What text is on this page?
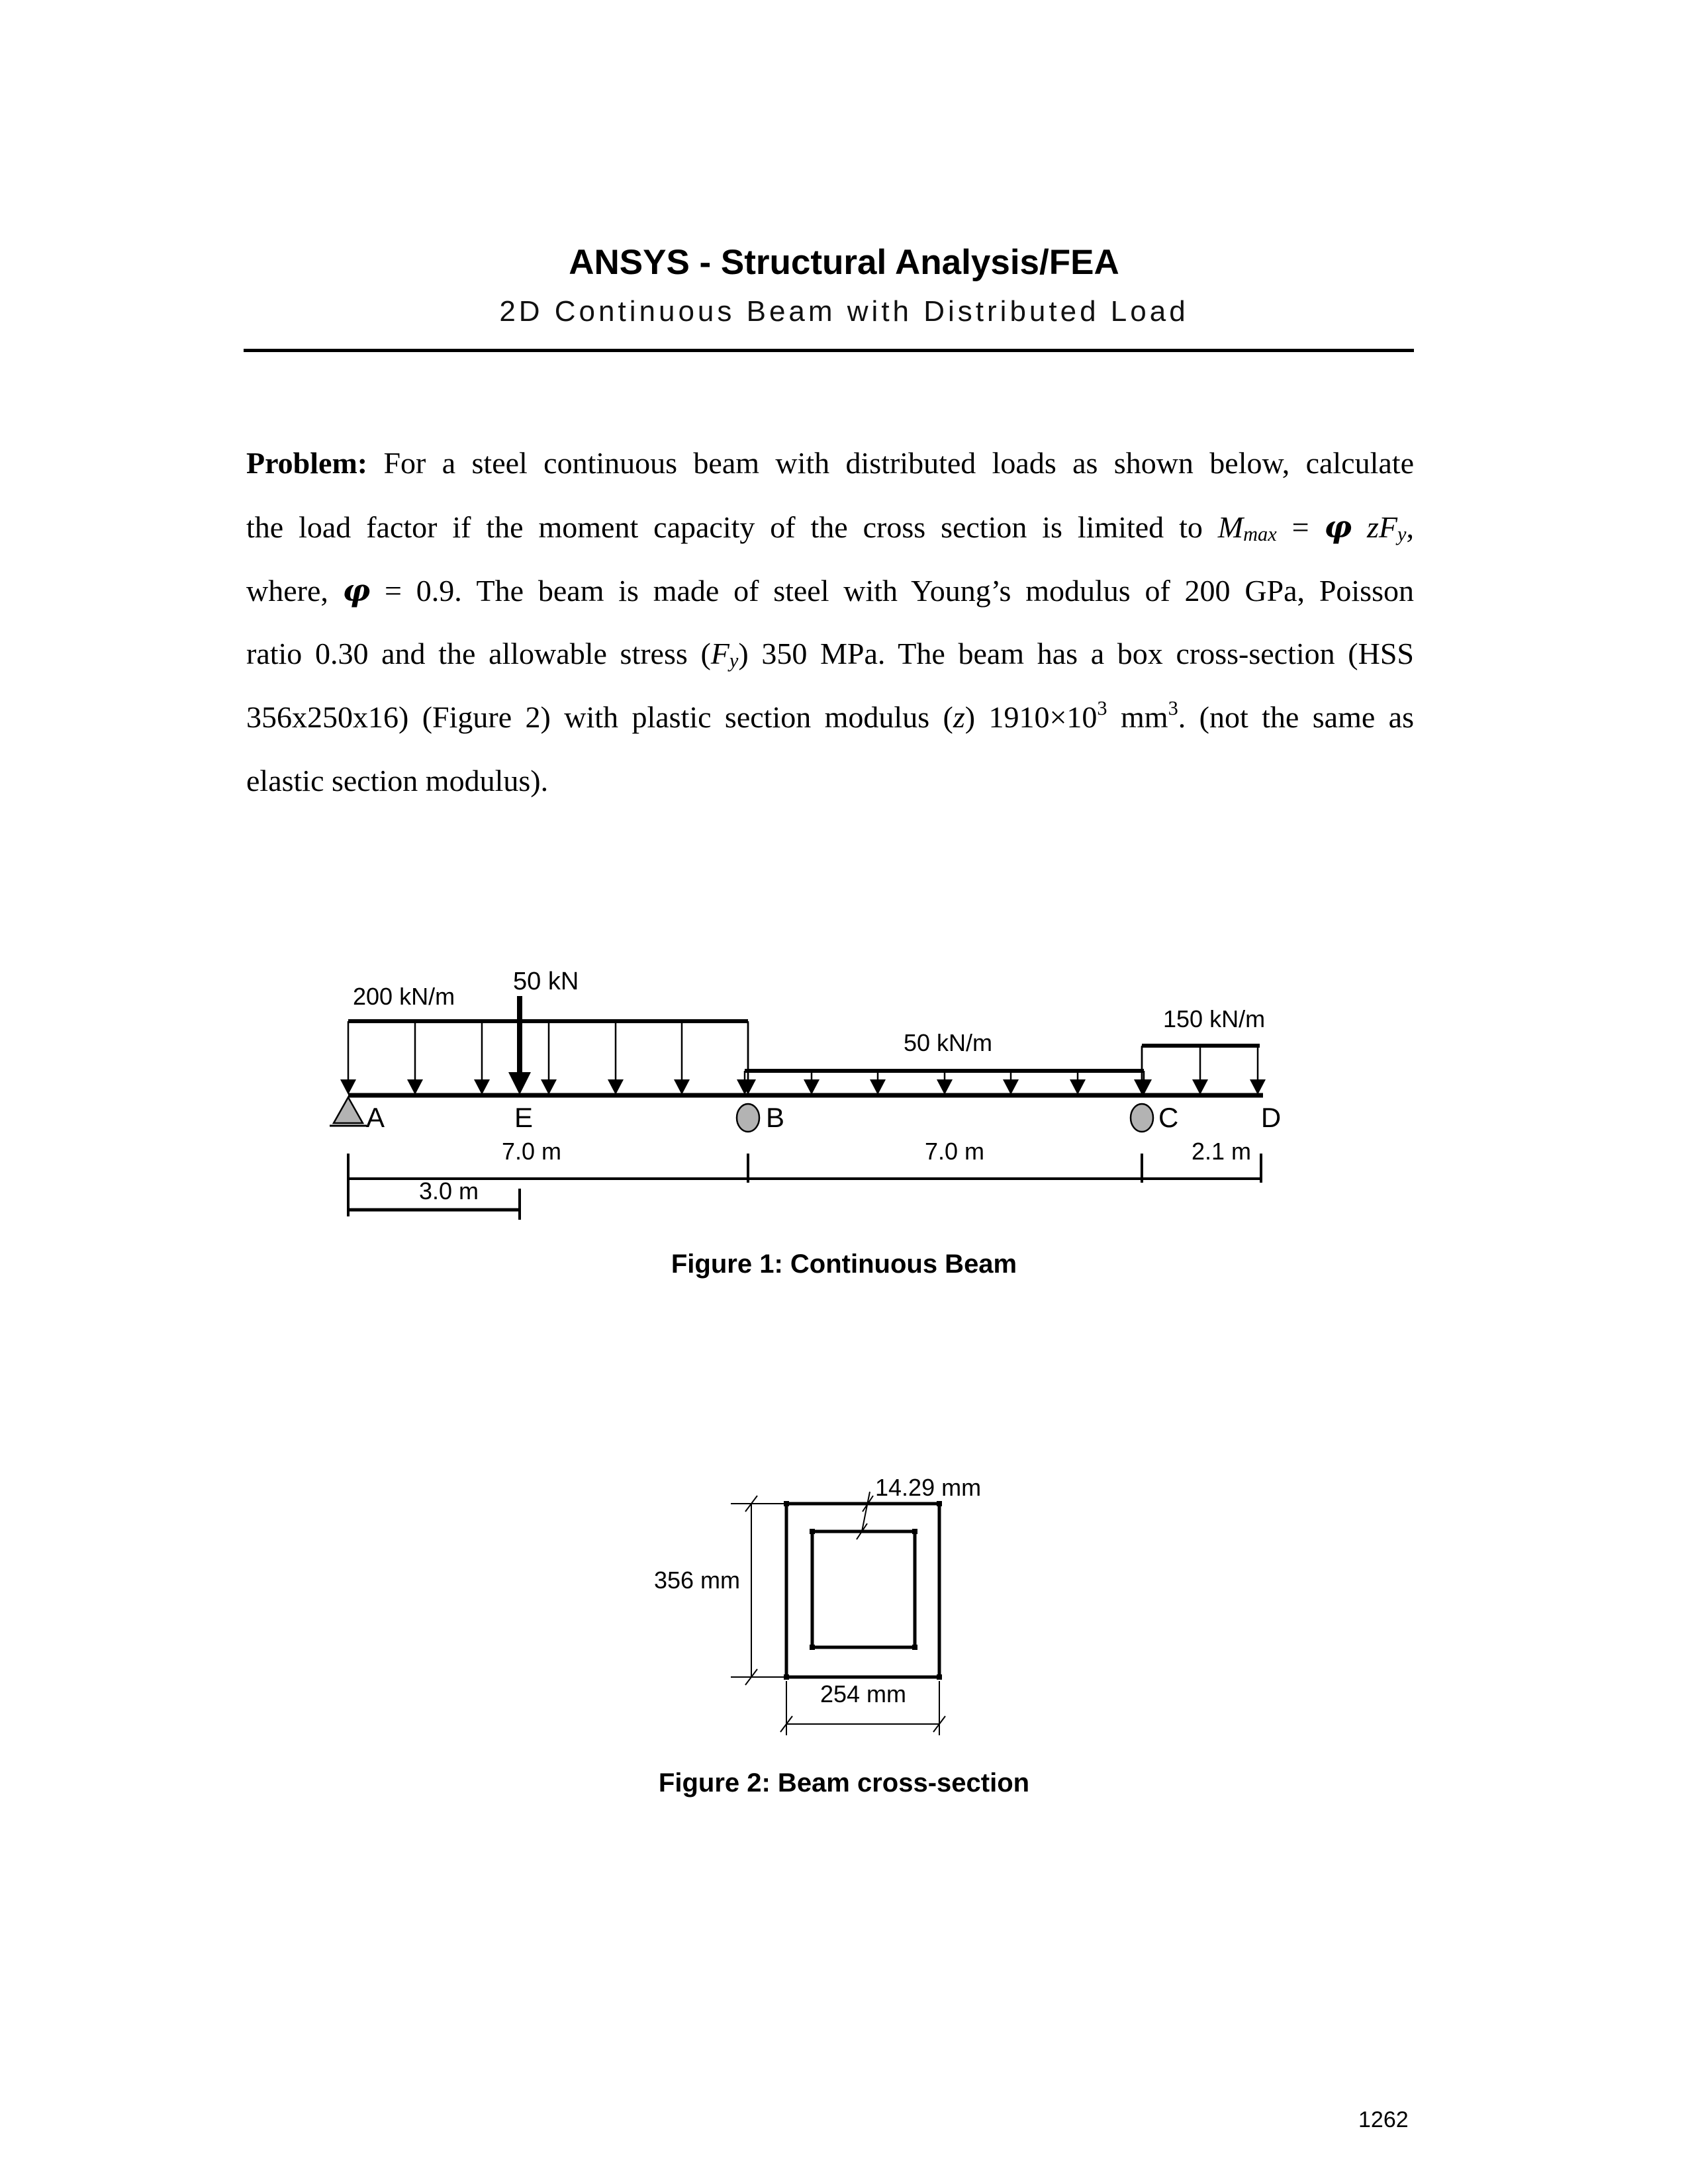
ANSYS - Structural Analysis/FEA
2D Continuous Beam with Distributed Load
Problem: For a steel continuous beam with distributed loads as shown below, calculate
the load factor if the moment capacity of the cross section is limited to $M_{max} = \varphi$ $zF_y$,
where, φ = 0.9. The beam is made of steel with Young’s modulus of 200 GPa, Poisson
ratio 0.30 and the allowable stress $(F_y)$ 350 MPa. The beam has a box cross-section (HSS
356x250x16) (Figure 2) with plastic section modulus (z) $1910\times 10^3$ $mm^3$. (not the same as
elastic section modulus).
50 kN
200 kN/m
50 kN/m
150 kN/m
A	E	B	C	D
7.0 m	7.0 m	2.1 m
3.0 m
Figure 1: Continuous Beam
14.29 mm
356 mm
254 mm
Figure 2: Beam cross-section
1262
